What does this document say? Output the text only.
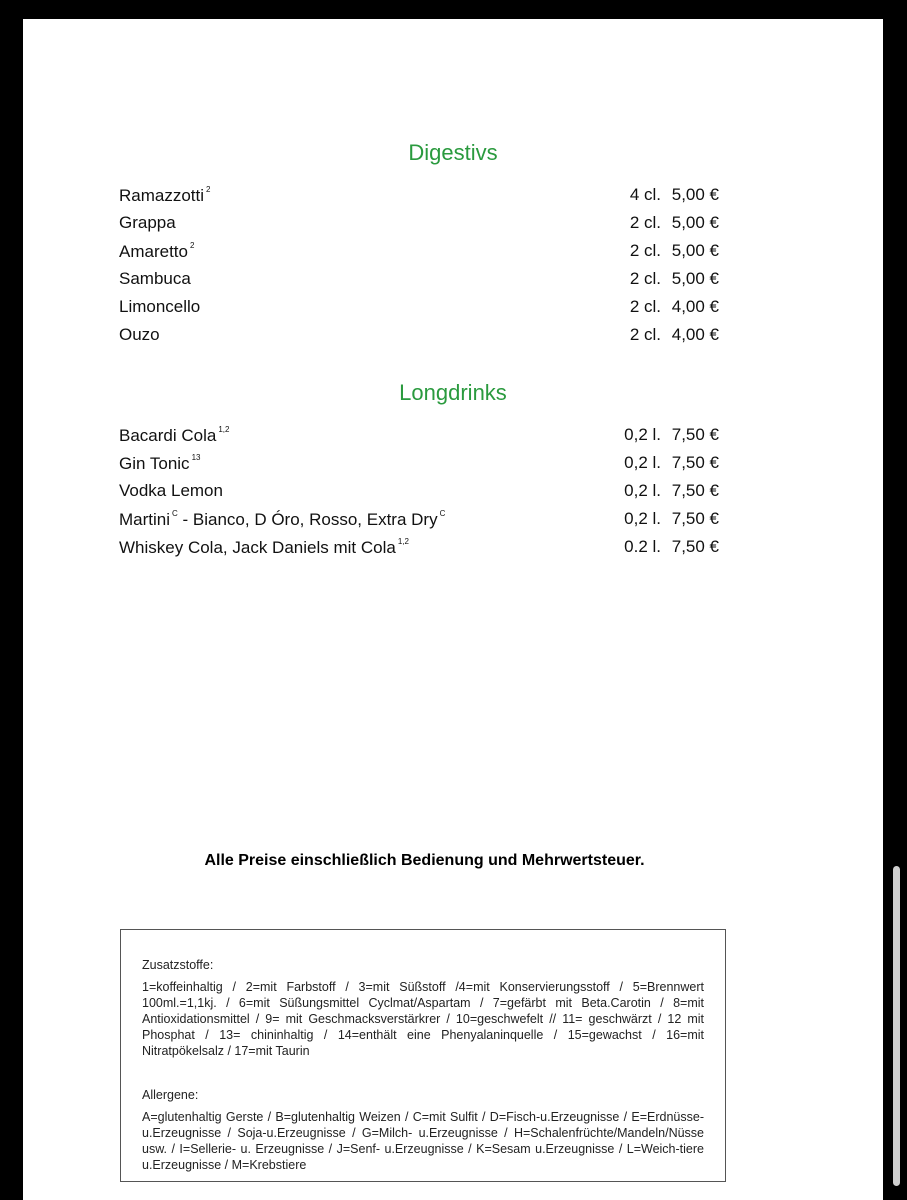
Digestivs
Ramazzotti $^2$	4 cl. 5,00 €
Grappa	2 cl. 5,00 €
Amaretto $^2$	2 cl. 5,00 €
Sambuca	2 cl. 5,00 €
Limoncello	2 cl. 4,00 €
Ouzo	2 cl. 4,00 €
Longdrinks
Bacardi Cola $^{1,2}$	0,2 l. 7,50 €
Gin Tonic $^{13}$	0,2 l. 7,50 €
Vodka Lemon	0,2 l. 7,50 €
Martini $^C$ - Bianco, D Óro, Rosso, Extra Dry $^C$	0,2 l. 7,50 €
Whiskey Cola, Jack Daniels mit Cola $^{1,2}$	0.2 l. 7,50 €
Alle Preise einschließlich Bedienung und Mehrwertsteuer.
Zusatzstoffe:
1=koffeinhaltig / 2=mit Farbstoff / 3=mit Süßstoff /4=mit Konservierungsstoff / 5=Brennwert 100ml.=1,1kj. / 6=mit Süßungsmittel Cyclmat/Aspartam / 7=gefärbt mit Beta.Carotin / 8=mit Antioxidationsmittel / 9= mit Geschmacksverstärkrer / 10=geschwefelt // 11= geschwärzt / 12 mit Phosphat / 13= chininhaltig / 14=enthält eine Phenyalaninquelle / 15=gewachst / 16=mit Nitratpökelsalz / 17=mit Taurin
Allergene:
A=glutenhaltig Gerste / B=glutenhaltig Weizen / C=mit Sulfit / D=Fisch-u.Erzeugnisse / E=Erdnüsse- u.Erzeugnisse / Soja-u.Erzeugnisse / G=Milch- u.Erzeugnisse / H=Schalenfrüchte/Mandeln/Nüsse usw. / I=Sellerie- u. Erzeugnisse / J=Senf- u.Erzeugnisse / K=Sesam u.Erzeugnisse / L=Weich-tiere u.Erzeugnisse / M=Krebstiere
